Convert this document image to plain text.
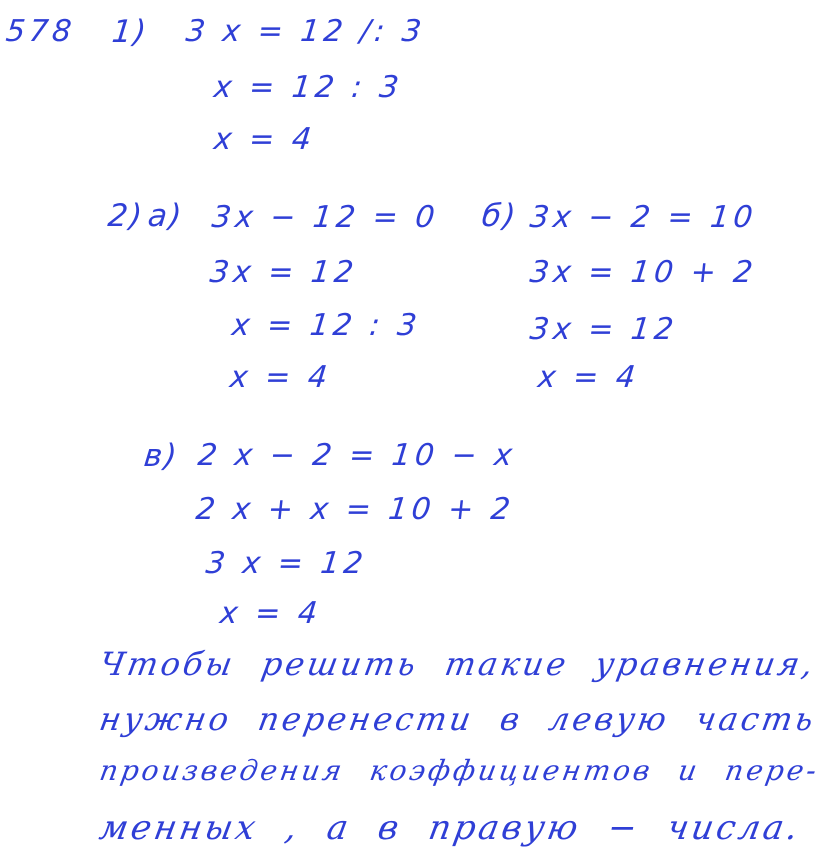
578 1) 3 x = 12 /: 3
x = 12 : 3
x = 4
2) а) 3x − 12 = 0
3x = 12
x = 12 : 3
x = 4
б) 3x − 2 = 10
3x = 10 + 2
3x = 12
x = 4
в) 2 x − 2 = 10 − x
2 x + x = 10 + 2
3 x = 12
x = 4
Чтобы решить такие уравнения,
нужно перенести в левую часть
произведения коэффициентов и пере-
менных , а в правую − числа.
